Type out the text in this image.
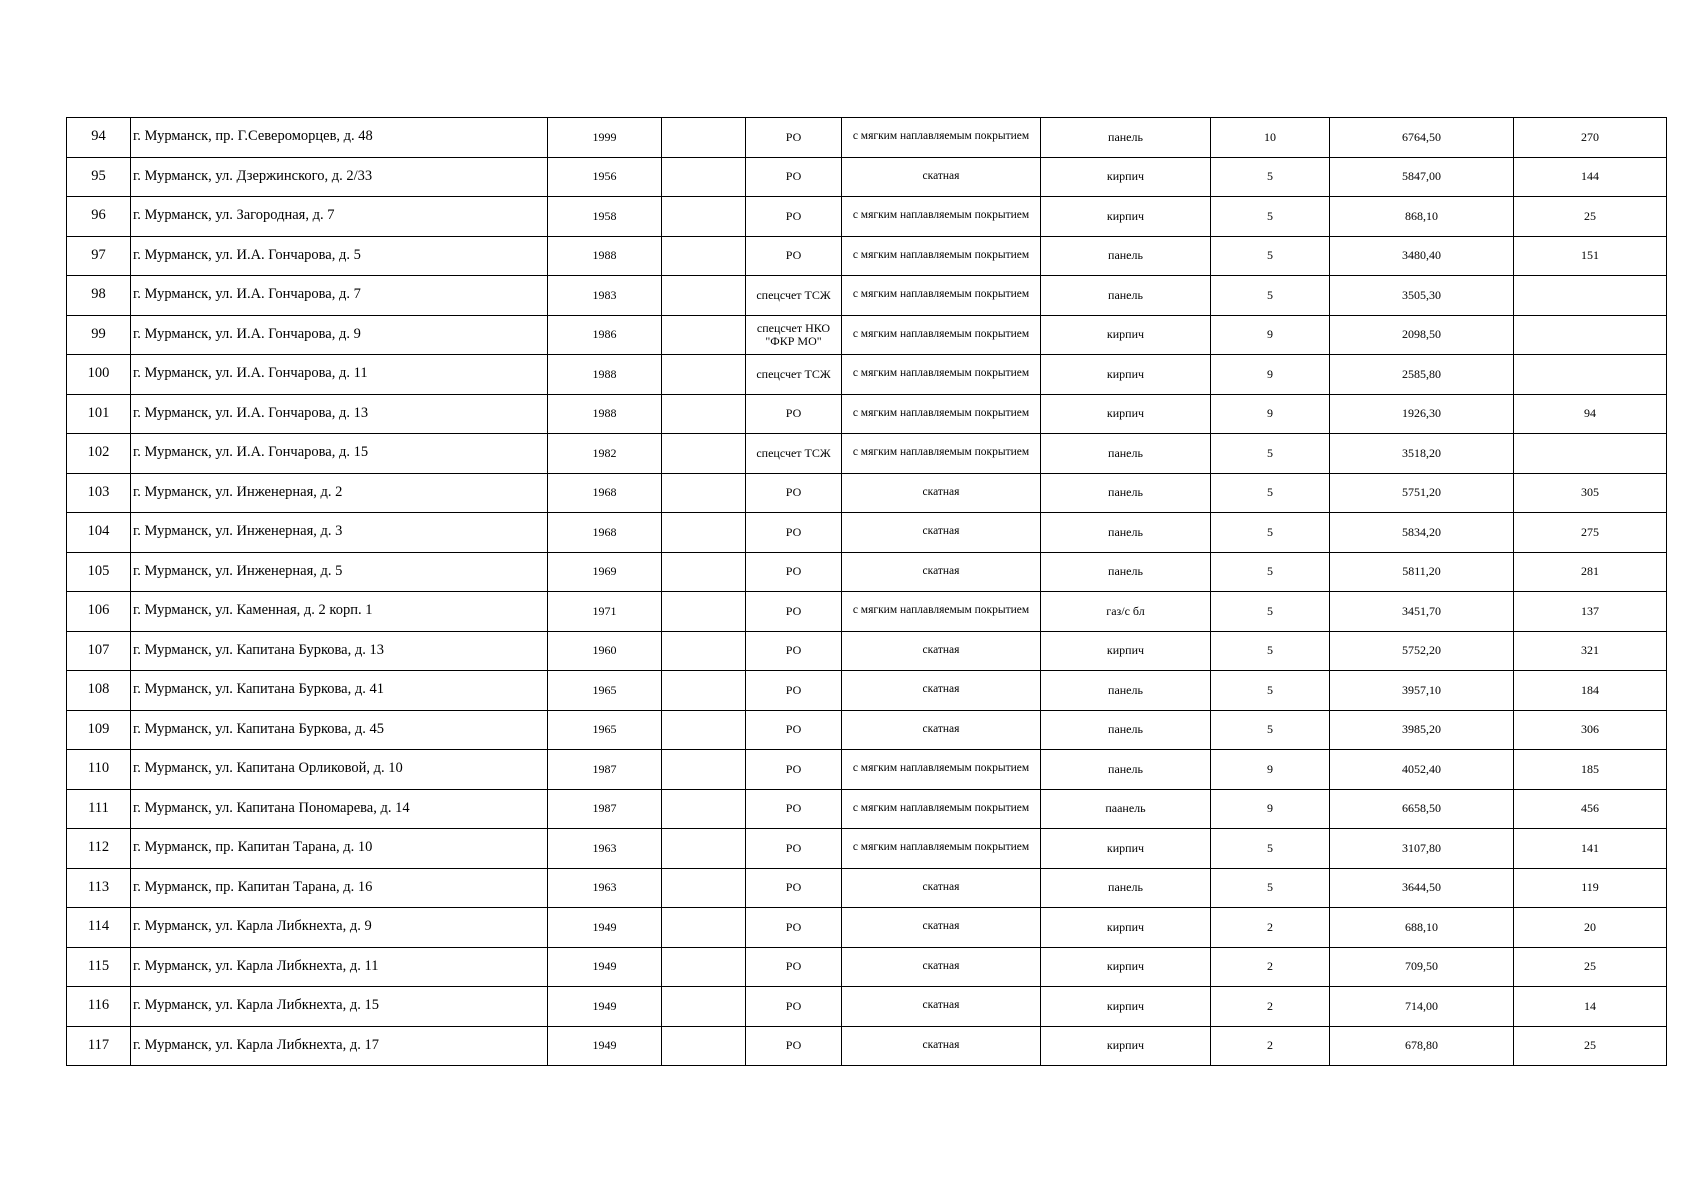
94	г. Мурманск, пр. Г.Североморцев, д. 48	1999		РО	с мягким наплавляемым покрытием	панель	10	6764,50	270
95	г. Мурманск, ул. Дзержинского, д. 2/33	1956		РО	скатная	кирпич	5	5847,00	144
96	г. Мурманск, ул. Загородная, д. 7	1958		РО	с мягким наплавляемым покрытием	кирпич	5	868,10	25
97	г. Мурманск, ул. И.А. Гончарова, д. 5	1988		РО	с мягким наплавляемым покрытием	панель	5	3480,40	151
98	г. Мурманск, ул. И.А. Гончарова, д. 7	1983		спецсчет ТСЖ	с мягким наплавляемым покрытием	панель	5	3505,30	
99	г. Мурманск, ул. И.А. Гончарова, д. 9	1986		спецсчет НКО "ФКР МО"	с мягким наплавляемым покрытием	кирпич	9	2098,50	
100	г. Мурманск, ул. И.А. Гончарова, д. 11	1988		спецсчет ТСЖ	с мягким наплавляемым покрытием	кирпич	9	2585,80	
101	г. Мурманск, ул. И.А. Гончарова, д. 13	1988		РО	с мягким наплавляемым покрытием	кирпич	9	1926,30	94
102	г. Мурманск, ул. И.А. Гончарова, д. 15	1982		спецсчет ТСЖ	с мягким наплавляемым покрытием	панель	5	3518,20	
103	г. Мурманск, ул. Инженерная, д. 2	1968		РО	скатная	панель	5	5751,20	305
104	г. Мурманск, ул. Инженерная, д. 3	1968		РО	скатная	панель	5	5834,20	275
105	г. Мурманск, ул. Инженерная, д. 5	1969		РО	скатная	панель	5	5811,20	281
106	г. Мурманск, ул. Каменная, д. 2 корп. 1	1971		РО	с мягким наплавляемым покрытием	газ/с бл	5	3451,70	137
107	г. Мурманск, ул. Капитана Буркова, д. 13	1960		РО	скатная	кирпич	5	5752,20	321
108	г. Мурманск, ул. Капитана Буркова, д. 41	1965		РО	скатная	панель	5	3957,10	184
109	г. Мурманск, ул. Капитана Буркова, д. 45	1965		РО	скатная	панель	5	3985,20	306
110	г. Мурманск, ул. Капитана Орликовой, д. 10	1987		РО	с мягким наплавляемым покрытием	панель	9	4052,40	185
111	г. Мурманск, ул. Капитана Пономарева, д. 14	1987		РО	с мягким наплавляемым покрытием	паанель	9	6658,50	456
112	г. Мурманск, пр. Капитан Тарана, д. 10	1963		РО	с мягким наплавляемым покрытием	кирпич	5	3107,80	141
113	г. Мурманск, пр. Капитан Тарана, д. 16	1963		РО	скатная	панель	5	3644,50	119
114	г. Мурманск, ул. Карла Либкнехта, д. 9	1949		РО	скатная	кирпич	2	688,10	20
115	г. Мурманск, ул. Карла Либкнехта, д. 11	1949		РО	скатная	кирпич	2	709,50	25
116	г. Мурманск, ул. Карла Либкнехта, д. 15	1949		РО	скатная	кирпич	2	714,00	14
117	г. Мурманск, ул. Карла Либкнехта, д. 17	1949		РО	скатная	кирпич	2	678,80	25
